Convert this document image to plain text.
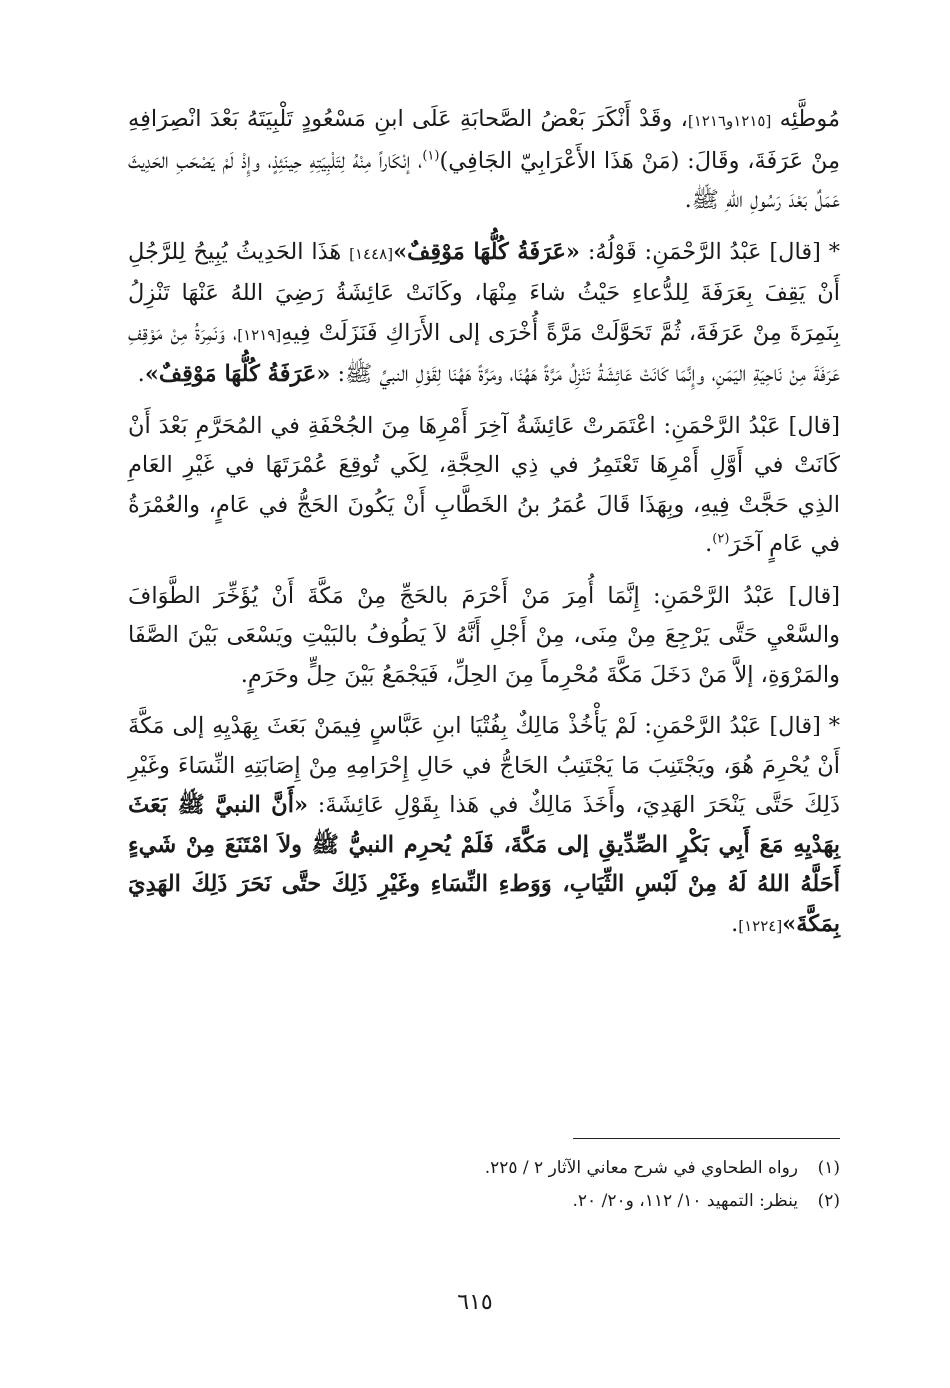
مُوطَّئِه [١٢١٥و١٢١٦]، وقَدْ أَنْكَرَ بَعْضُ الصَّحابَةِ عَلَى ابنِ مَسْعُودٍ تَلْبِيَتَهُ بَعْدَ انْصِرَافِهِ مِنْ عَرَفَةَ، وقَالَ: (مَنْ هَذَا الأَعْرَابِيّ الجَافِي)$^{(١)}$، إنْكَاراً مِنْهُ لِتَلْبِيَتِهِ حِينَئِذٍ، وإِذْ لَمْ يَصْحَبِ الحَدِيثَ عَمَلٌ بَعْدَ رَسُولِ اللهِ ﷺ.

* [قال] عَبْدُ الرَّحْمَنِ: قَوْلُهُ: «عَرَفَةُ كُلُّهَا مَوْقِفٌ»[١٤٤٨] هَذَا الحَدِيثُ يُبِيحُ لِلرَّجُلِ أَنْ يَقِفَ بِعَرَفَةَ لِلدُّعاءِ حَيْثُ شاءَ مِنْهَا، وكَانَتْ عَائِشَةُ رَضِيَ اللهُ عَنْهَا تَنْزِلُ بِنَمِرَةَ مِنْ عَرَفَةَ، ثُمَّ تَحَوَّلَتْ مَرَّةً أُخْرَى إلى الأَرَاكِ فَنَزَلَتْ فِيهِ[١٢١٩]، وَنَمِرَةُ مِنْ مَوْقِفِ عَرَفَةَ مِنْ نَاحِيَةِ اليَمَنِ، وإِنَّمَا كَانَتْ عَائِشَةُ تَنْزِلُ مَرَّةً هَهُنَا، ومَرَّةً هَهُنَا لِقَوْلِ النبيِّ ﷺ: «عَرَفَةُ كُلُّهَا مَوْقِفٌ».

[قال] عَبْدُ الرَّحْمَنِ: اعْتَمَرتْ عَائِشَةُ آخِرَ أَمْرِهَا مِنَ الجُحْفَةِ في المُحَرَّمِ بَعْدَ أَنْ كَانَتْ في أَوَّلِ أَمْرِهَا تَعْتَمِرُ في ذِي الحِجَّةِ، لِكَي تُوقِعَ عُمْرَتَهَا في غَيْرِ العَامِ الذِي حَجَّتْ فِيهِ، وبِهَذَا قَالَ عُمَرُ بنُ الخَطَّابِ أَنْ يَكُونَ الحَجُّ في عَامٍ، والعُمْرَةُ في عَامٍ آخَرَ$^{(٢)}$.

[قال] عَبْدُ الرَّحْمَنِ: إِنَّمَا أُمِرَ مَنْ أَحْرَمَ بالحَجِّ مِنْ مَكَّةَ أَنْ يُؤَخِّرَ الطَّوَافَ والسَّعْيِ حَتَّى يَرْجِعَ مِنْ مِنَى، مِنْ أَجْلِ أَنَّهُ لاَ يَطُوفُ بالبَيْتِ ويَسْعَى بَيْنَ الصَّفَا والمَرْوَةِ، إلاَّ مَنْ دَخَلَ مَكَّةَ مُحْرِماً مِنَ الحِلِّ، فَيَجْمَعُ بَيْنَ حِلٍّ وحَرَمٍ.

* [قال] عَبْدُ الرَّحْمَنِ: لَمْ يَأْخُذْ مَالِكٌ بِفُتْيَا ابنِ عَبَّاسٍ فِيمَنْ بَعَثَ بِهَدْيِهِ إلى مَكَّةَ أَنْ يُحْرِمَ هُوَ، ويَجْتَنِبَ مَا يَجْتَنِبُ الحَاجُّ في حَالِ إِحْرَامِهِ مِنْ إِصَابَتِهِ النِّسَاءَ وغَيْرِ ذَلِكَ حَتَّى يَنْحَرَ الهَدِيَ، وأَخَذَ مَالِكٌ في هَذا بِقَوْلِ عَائِشَةَ: «أَنَّ النبيَّ ﷺ بَعَثَ بِهَدْيِهِ مَعَ أَبِي بَكْرٍ الصِّدِّيقِ إلى مَكَّةَ، فَلَمْ يُحرِم النبيُّ ﷺ ولاَ امْتَنَعَ مِنْ شَيءٍ أَحَلَّهُ اللهُ لَهُ مِنْ لَبْسِ الثِّيَابِ، وَوَطءِ النِّسَاءِ وغَيْرِ ذَلِكَ حتَّى نَحَرَ ذَلِكَ الهَدِيَ بِمَكَّةَ»[١٢٢٤].

(١)رواه الطحاوي في شرح معاني الآثار ٢ / ٢٢٥.

(٢)ينظر: التمهيد ١٠/ ١١٢، و٢٠/ ٢٠.

٦١٥
